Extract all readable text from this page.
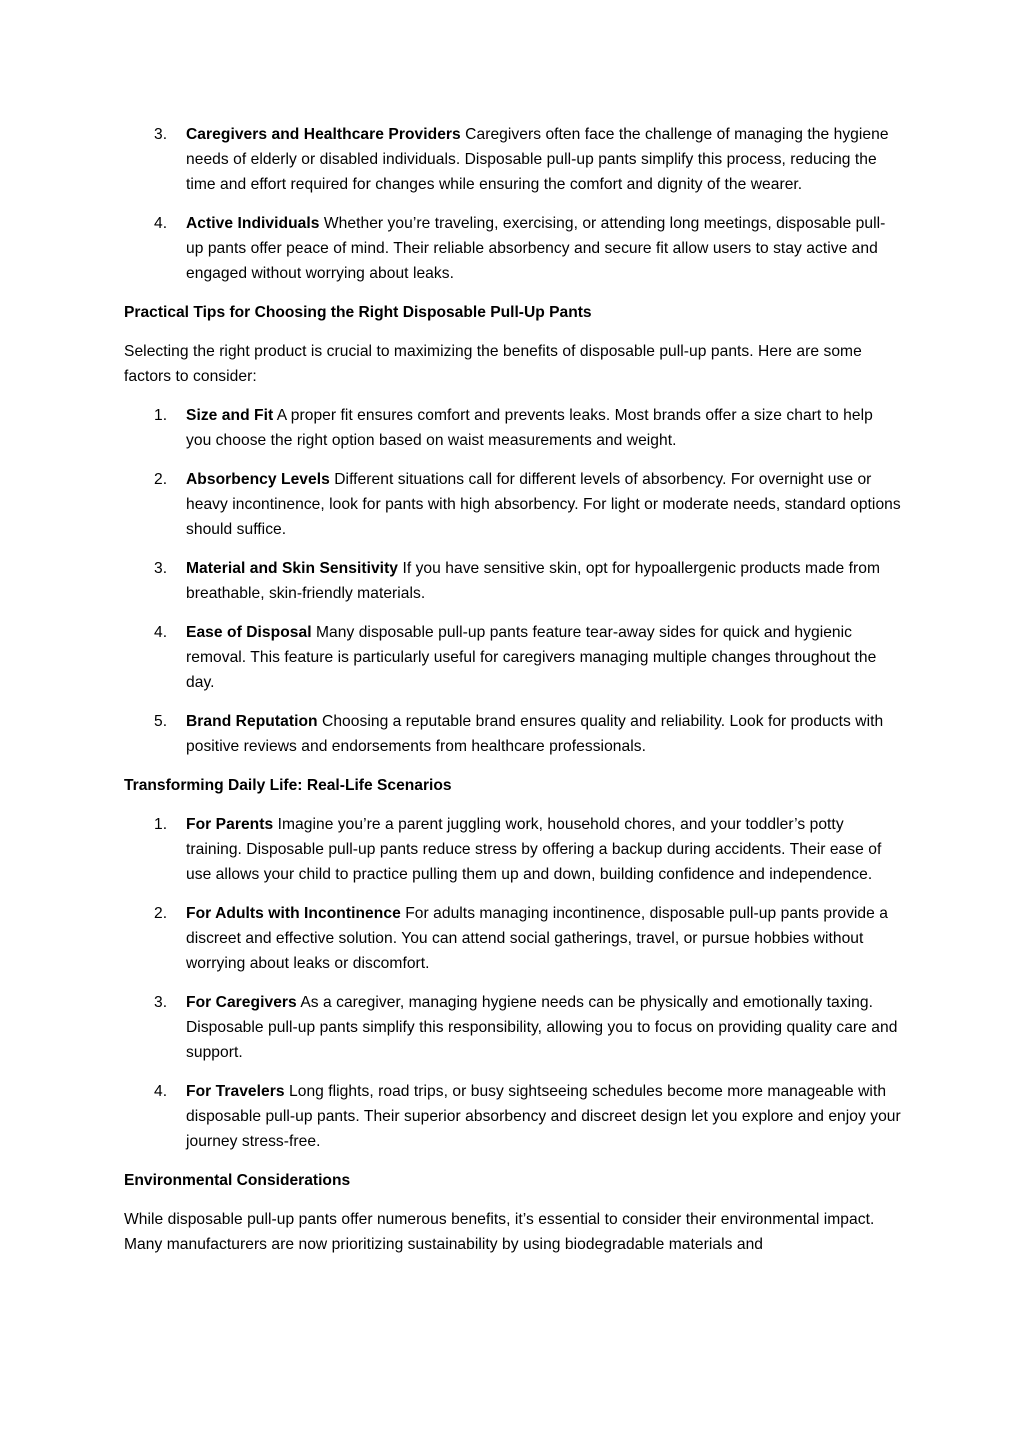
3. Caregivers and Healthcare Providers Caregivers often face the challenge of managing the hygiene needs of elderly or disabled individuals. Disposable pull-up pants simplify this process, reducing the time and effort required for changes while ensuring the comfort and dignity of the wearer.
4. Active Individuals Whether you’re traveling, exercising, or attending long meetings, disposable pull-up pants offer peace of mind. Their reliable absorbency and secure fit allow users to stay active and engaged without worrying about leaks.
Practical Tips for Choosing the Right Disposable Pull-Up Pants

Selecting the right product is crucial to maximizing the benefits of disposable pull-up pants. Here are some factors to consider:

1. Size and Fit A proper fit ensures comfort and prevents leaks. Most brands offer a size chart to help you choose the right option based on waist measurements and weight.
2. Absorbency Levels Different situations call for different levels of absorbency. For overnight use or heavy incontinence, look for pants with high absorbency. For light or moderate needs, standard options should suffice.
3. Material and Skin Sensitivity If you have sensitive skin, opt for hypoallergenic products made from breathable, skin-friendly materials.
4. Ease of Disposal Many disposable pull-up pants feature tear-away sides for quick and hygienic removal. This feature is particularly useful for caregivers managing multiple changes throughout the day.
5. Brand Reputation Choosing a reputable brand ensures quality and reliability. Look for products with positive reviews and endorsements from healthcare professionals.
Transforming Daily Life: Real-Life Scenarios
1. For Parents Imagine you’re a parent juggling work, household chores, and your toddler’s potty training. Disposable pull-up pants reduce stress by offering a backup during accidents. Their ease of use allows your child to practice pulling them up and down, building confidence and independence.
2. For Adults with Incontinence For adults managing incontinence, disposable pull-up pants provide a discreet and effective solution. You can attend social gatherings, travel, or pursue hobbies without worrying about leaks or discomfort.
3. For Caregivers As a caregiver, managing hygiene needs can be physically and emotionally taxing. Disposable pull-up pants simplify this responsibility, allowing you to focus on providing quality care and support.
4. For Travelers Long flights, road trips, or busy sightseeing schedules become more manageable with disposable pull-up pants. Their superior absorbency and discreet design let you explore and enjoy your journey stress-free.
Environmental Considerations

While disposable pull-up pants offer numerous benefits, it’s essential to consider their environmental impact. Many manufacturers are now prioritizing sustainability by using biodegradable materials and
